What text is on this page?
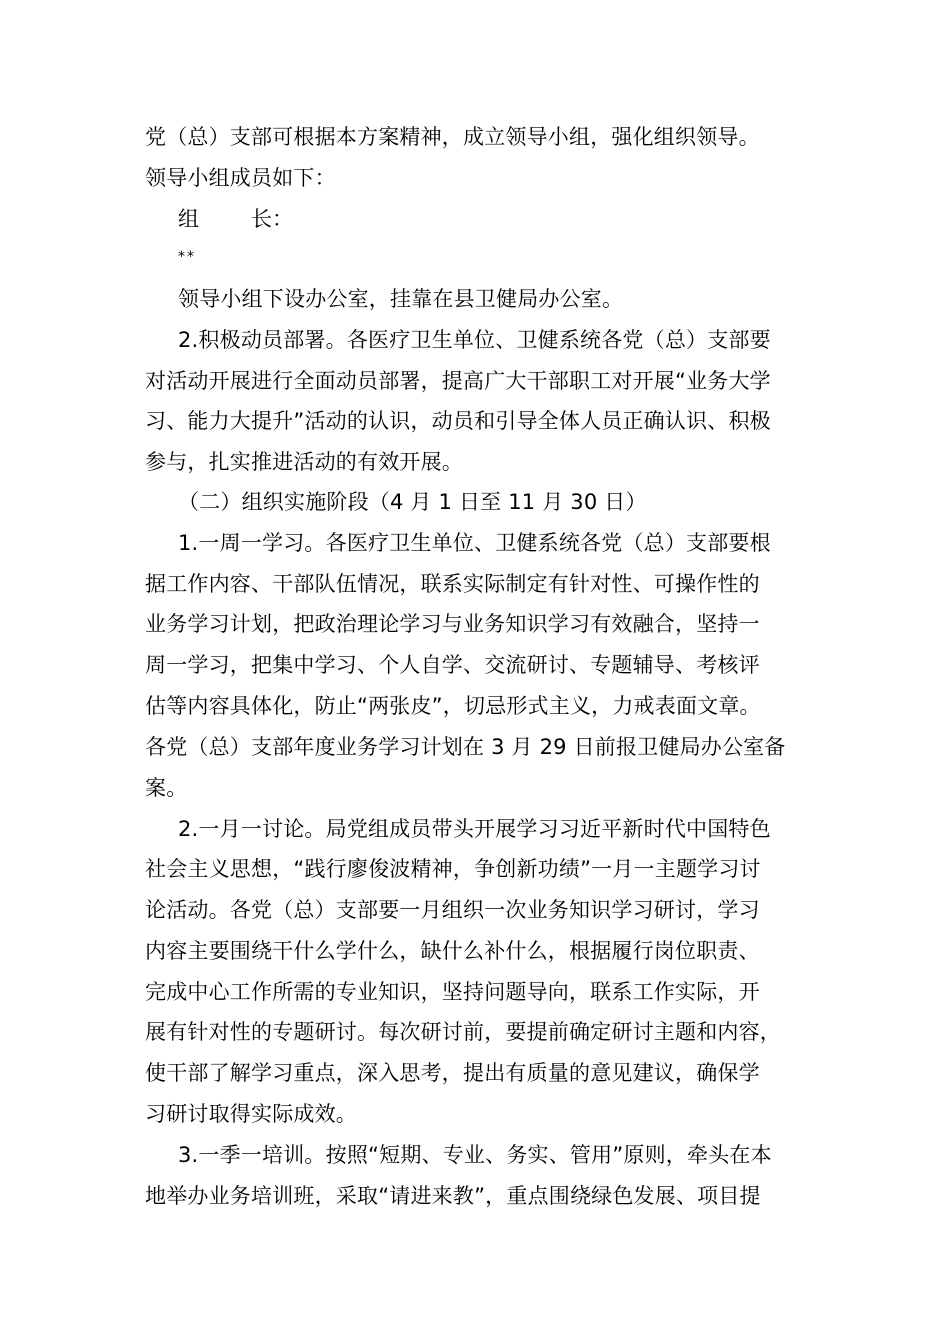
党（总）支部可根据本方案精神，成立领导小组，强化组织领导。
领导小组成员如下：
组 长：
**
领导小组下设办公室，挂靠在县卫健局办公室。
2.积极动员部署。各医疗卫生单位、卫健系统各党（总）支部要
对活动开展进行全面动员部署，提高广大干部职工对开展“业务大学
习、能力大提升”活动的认识，动员和引导全体人员正确认识、积极
参与，扎实推进活动的有效开展。
（二）组织实施阶段（4 月 1 日至 11 月 30 日）
1.一周一学习。各医疗卫生单位、卫健系统各党（总）支部要根
据工作内容、干部队伍情况，联系实际制定有针对性、可操作性的
业务学习计划，把政治理论学习与业务知识学习有效融合，坚持一
周一学习，把集中学习、个人自学、交流研讨、专题辅导、考核评
估等内容具体化，防止“两张皮”，切忌形式主义，力戒表面文章。
各党（总）支部年度业务学习计划在 3 月 29 日前报卫健局办公室备
案。
2.一月一讨论。局党组成员带头开展学习习近平新时代中国特色
社会主义思想，“践行廖俊波精神，争创新功绩”一月一主题学习讨
论活动。各党（总）支部要一月组织一次业务知识学习研讨，学习
内容主要围绕干什么学什么，缺什么补什么，根据履行岗位职责、
完成中心工作所需的专业知识，坚持问题导向，联系工作实际，开
展有针对性的专题研讨。每次研讨前，要提前确定研讨主题和内容，
使干部了解学习重点，深入思考，提出有质量的意见建议，确保学
习研讨取得实际成效。
3.一季一培训。按照“短期、专业、务实、管用”原则，牵头在本
地举办业务培训班，采取“请进来教”，重点围绕绿色发展、项目提
